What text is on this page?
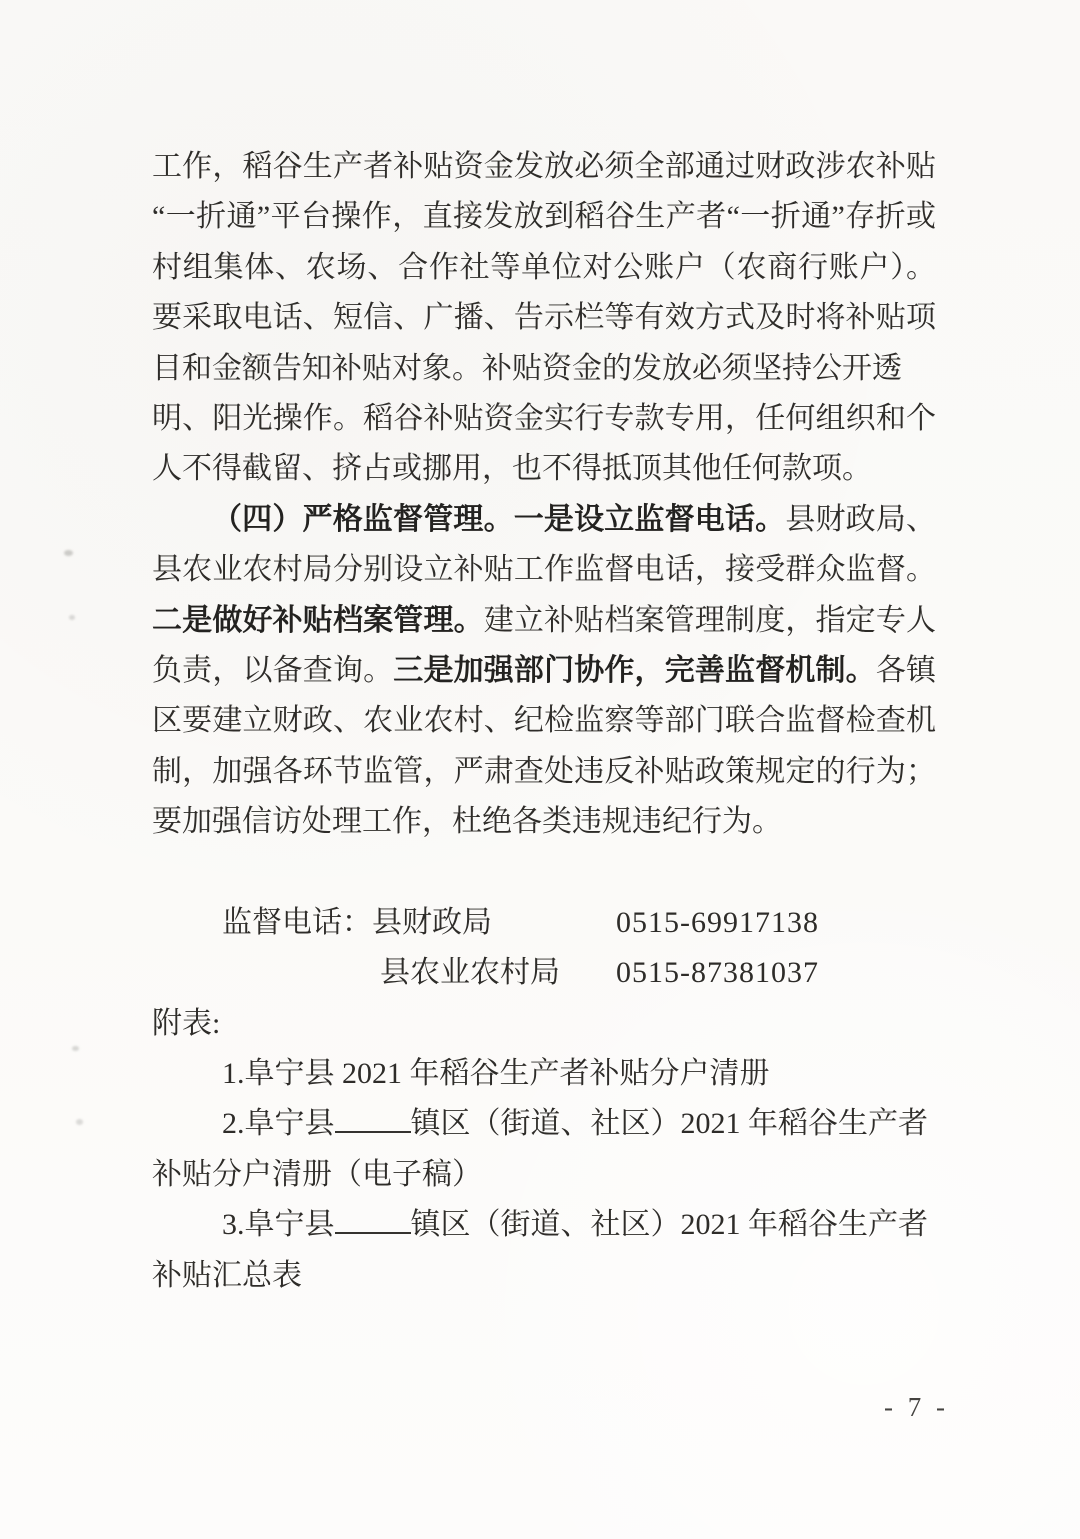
工作，稻谷生产者补贴资金发放必须全部通过财政涉农补贴
“一折通”平台操作，直接发放到稻谷生产者“一折通”存折或
村组集体、农场、合作社等单位对公账户（农商行账户）。
要采取电话、短信、广播、告示栏等有效方式及时将补贴项
目和金额告知补贴对象。补贴资金的发放必须坚持公开透
明、阳光操作。稻谷补贴资金实行专款专用，任何组织和个
人不得截留、挤占或挪用，也不得抵顶其他任何款项。
（四）严格监督管理。一是设立监督电话。县财政局、
县农业农村局分别设立补贴工作监督电话，接受群众监督。
二是做好补贴档案管理。建立补贴档案管理制度，指定专人
负责，以备查询。三是加强部门协作，完善监督机制。各镇
区要建立财政、农业农村、纪检监察等部门联合监督检查机
制，加强各环节监管，严肃查处违反补贴政策规定的行为；
要加强信访处理工作，杜绝各类违规违纪行为。
监督电话：县财政局	0515-69917138
县农业农村局 0515-87381037
附表:
1.阜宁县 2021 年稻谷生产者补贴分户清册
2.阜宁县	镇区（街道、社区）2021 年稻谷生产者
补贴分户清册（电子稿）
3.阜宁县	镇区（街道、社区）2021 年稻谷生产者
补贴汇总表
- 7 -
